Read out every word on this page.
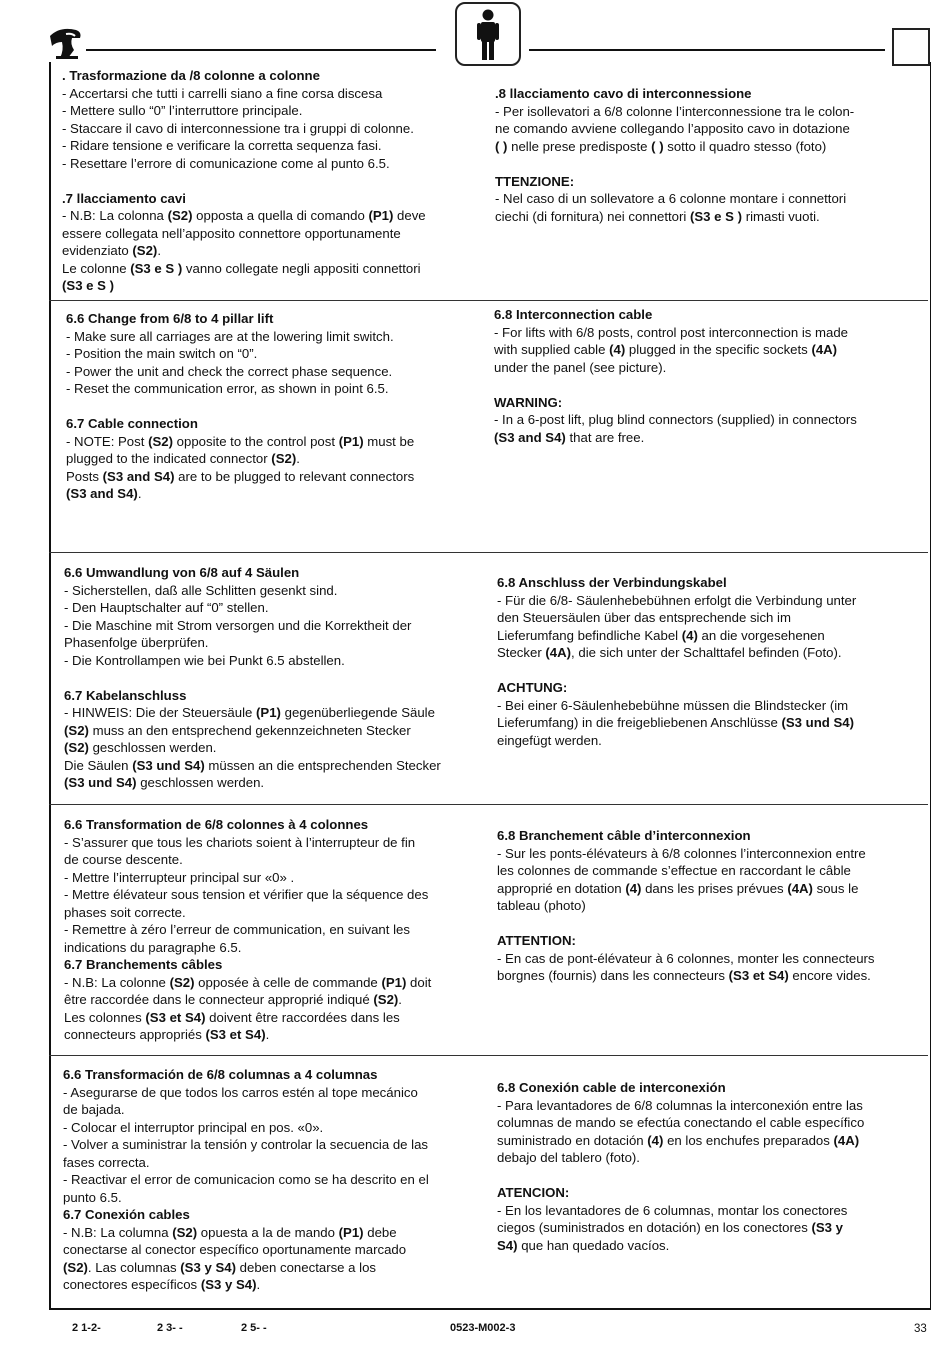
. Trasformazione da /8 colonne a colonne

- Accertarsi che tutti i carrelli siano a fine corsa discesa

- Mettere sullo “0” l’interruttore principale.

- Staccare il cavo di interconnessione tra i gruppi di colonne.

- Ridare tensione e verificare la corretta sequenza fasi.

- Resettare l’errore di comunicazione come al punto 6.5.

.7 llacciamento cavi

- N.B: La colonna (S2) opposta a quella di comando (P1) deve

essere collegata nell’apposito connettore opportunamente

evidenziato (S2).

Le colonne (S3 e S ) vanno collegate negli appositi connettori

(S3 e S )

.8 llacciamento cavo di interconnessione

- Per isollevatori a 6/8 colonne l’interconnessione tra le colon-

ne comando avviene collegando l’apposito cavo in dotazione

( ) nelle prese predisposte ( ) sotto il quadro stesso (foto)

TTENZIONE:

- Nel caso di un sollevatore a 6 colonne montare i connettori

ciechi (di fornitura) nei connettori (S3 e S ) rimasti vuoti.

6.6 Change from 6/8 to 4 pillar lift

- Make sure all carriages are at the lowering limit switch.

- Position the main switch on “0”.

- Power the unit and check the correct phase sequence.

- Reset the communication error, as shown in point 6.5.

6.7 Cable connection

- NOTE: Post (S2) opposite to the control post (P1) must be

plugged to the indicated connector (S2).

Posts (S3 and S4) are to be plugged to relevant connectors

(S3 and S4).

6.8 Interconnection cable

- For lifts with 6/8 posts, control post interconnection is made

with supplied cable (4) plugged in the specific sockets (4A)

under the panel (see picture).

WARNING:

- In a 6-post lift, plug blind connectors (supplied) in connectors

(S3 and S4) that are free.

6.6 Umwandlung von 6/8 auf 4 Säulen

- Sicherstellen, daß alle Schlitten gesenkt sind.

- Den Hauptschalter auf “0” stellen.

- Die Maschine mit Strom versorgen und die Korrektheit der

Phasenfolge überprüfen.

- Die Kontrollampen wie bei Punkt 6.5 abstellen.

6.7 Kabelanschluss

- HINWEIS: Die der Steuersäule (P1) gegenüberliegende Säule

(S2) muss an den entsprechend gekennzeichneten Stecker

(S2) geschlossen werden.

Die Säulen (S3 und S4) müssen an die entsprechenden Stecker

(S3 und S4) geschlossen werden.

6.8 Anschluss der Verbindungskabel

- Für die 6/8- Säulenhebebühnen erfolgt die Verbindung unter

den Steuersäulen über das entsprechende sich im

Lieferumfang befindliche Kabel (4) an die vorgesehenen

Stecker (4A), die sich unter der Schalttafel befinden (Foto).

ACHTUNG:

- Bei einer 6-Säulenhebebühne müssen die Blindstecker (im

Lieferumfang) in die freigebliebenen Anschlüsse (S3 und S4)

eingefügt werden.

6.6 Transformation de 6/8 colonnes à 4 colonnes

- S’assurer que tous les chariots soient à l’interrupteur de fin

de course descente.

- Mettre l’interrupteur principal sur «0» .

- Mettre élévateur sous tension et vérifier que la séquence des

phases soit correcte.

- Remettre à zéro l’erreur de communication, en suivant les

indications du paragraphe 6.5.

6.7 Branchements câbles

- N.B: La colonne (S2) opposée à celle de commande (P1) doit

être raccordée dans le connecteur approprié indiqué (S2).

Les colonnes (S3 et S4) doivent être raccordées dans les

connecteurs appropriés (S3 et S4).

6.8 Branchement câble d’interconnexion

- Sur les ponts-élévateurs à 6/8 colonnes l’interconnexion entre

les colonnes de commande s’effectue en raccordant le câble

approprié en dotation (4) dans les prises prévues (4A) sous le

tableau (photo)

ATTENTION:

- En cas de pont-élévateur à 6 colonnes, monter les connecteurs

borgnes (fournis) dans les connecteurs (S3 et S4) encore vides.

6.6 Transformación de 6/8 columnas a 4 columnas

- Asegurarse de que todos los carros estén al tope mecánico

de bajada.

- Colocar el interruptor principal en pos. «0».

- Volver a suministrar la tensión y controlar la secuencia de las

fases correcta.

- Reactivar el error de comunicacion como se ha descrito en el

punto 6.5.

6.7 Conexión cables

- N.B: La columna (S2) opuesta a la de mando (P1) debe

conectarse al conector específico oportunamente marcado

(S2). Las columnas (S3 y S4) deben conectarse a los

conectores específicos (S3 y S4).

6.8 Conexión cable de interconexión

- Para levantadores de 6/8 columnas la interconexión entre las

columnas de mando se efectúa conectando el cable específico

suministrado en dotación (4) en los enchufes preparados (4A)

debajo del tablero (foto).

ATENCION:

- En los levantadores de 6 columnas, montar los conectores

ciegos (suministrados en dotación) en los conectores (S3 y

S4) que han quedado vacíos.

2 1-2-	2 3- -	2 5- -	0523-M002-3	33
